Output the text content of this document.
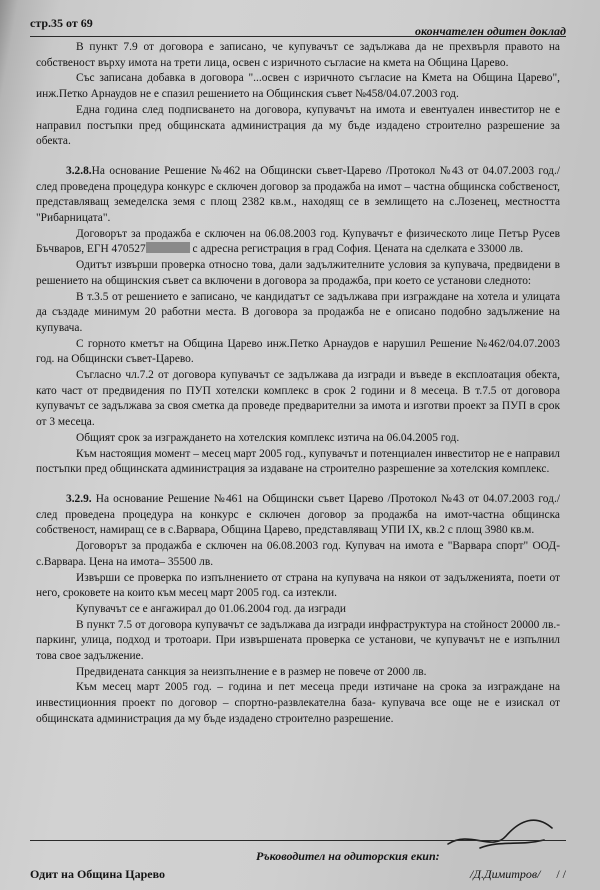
стр.35 от 69
окончателен одитен доклад

В пункт 7.9 от договора е записано, че купувачът се задължава да не прехвърля правото на собственост върху имота на трети лица, освен с изричното съгласие на кмета на Община Царево.

Със записана добавка в договора "...освен с изричното съгласие на Кмета на Община Царево", инж.Петко Арнаудов не е спазил решението на Общинския съвет №458/04.07.2003 год.

Една година след подписването на договора, купувачът на имота и евентуален инвеститор не е направил постъпки пред общинската администрация да му бъде издадено строително разрешение за обекта.

3.2.8.На основание Решение №462 на Общински съвет-Царево /Протокол №43 от 04.07.2003 год./след проведена процедура конкурс е сключен договор за продажба на имот – частна общинска собственост, представляващ земеделска земя с площ 2382 кв.м., находящ се в землището на с.Лозенец, местността "Рибарницата".

Договорът за продажба е сключен на 06.08.2003 год. Купувачът е физическото лице Петър Русев Бъчваров, ЕГН 470527	с адресна регистрация в град София. Цената на сделката е 33000 лв.

Одитът извърши проверка относно това, дали задължителните условия за купувача, предвидени в решението на общинския съвет са включени в договора за продажба, при което се установи следното:

В т.3.5 от решението е записано, че кандидатът се задължава при изграждане на хотела и улицата да създаде минимум 20 работни места. В договора за продажба не е описано подобно задължение на купувача.

С горното кметът на Община Царево инж.Петко Арнаудов е нарушил Решение №462/04.07.2003 год. на Общински съвет-Царево.

Съгласно чл.7.2 от договора купувачът се задължава да изгради и въведе в експлоатация обекта, като част от предвидения по ПУП хотелски комплекс в срок 2 години и 8 месеца. В т.7.5 от договора купувачът се задължава за своя сметка да проведе предварителни за имота и изготви проект за ПУП в срок от 3 месеца.

Общият срок за изграждането на хотелския комплекс изтича на 06.04.2005 год.

Към настоящия момент – месец март 2005 год., купувачът и потенциален инвеститор не е направил постъпки пред общинската администрация за издаване на строително разрешение за хотелския комплекс.

3.2.9. На основание Решение №461 на Общински съвет Царево /Протокол №43 от 04.07.2003 год./ след проведена процедура на конкурс е сключен договор за продажба на имот-частна общинска собственост, намиращ се в с.Варвара, Община Царево, представляващ УПИ IX, кв.2 с площ 3980 кв.м.

Договорът за продажба е сключен на 06.08.2003 год. Купувач на имота е "Варвара спорт" ООД-с.Варвара. Цена на имота– 35500 лв.

Извърши се проверка по изпълнението от страна на купувача на някои от задълженията, поети от него, сроковете на които към месец март 2005 год. са изтекли.

Купувачът се е ангажирал до 01.06.2004 год. да изгради

В пункт 7.5 от договора купувачът се задължава да изгради инфраструктура на стойност 20000 лв.- паркинг, улица, подход и тротоари. При извършената проверка се установи, че купувачът не е изпълнил това свое задължение.

Предвидената санкция за неизпълнение е в размер не повече от 2000 лв.

Към месец март 2005 год. – година и пет месеца преди изтичане на срока за изграждане на инвестиционния проект по договор – спортно-развлекателна база- купувача все още не е изискал от общинската администрация да му бъде издадено строително разрешение.

Одит на Община Царево
Ръководител на одиторския екип:
/Д.Димитров/ / /
